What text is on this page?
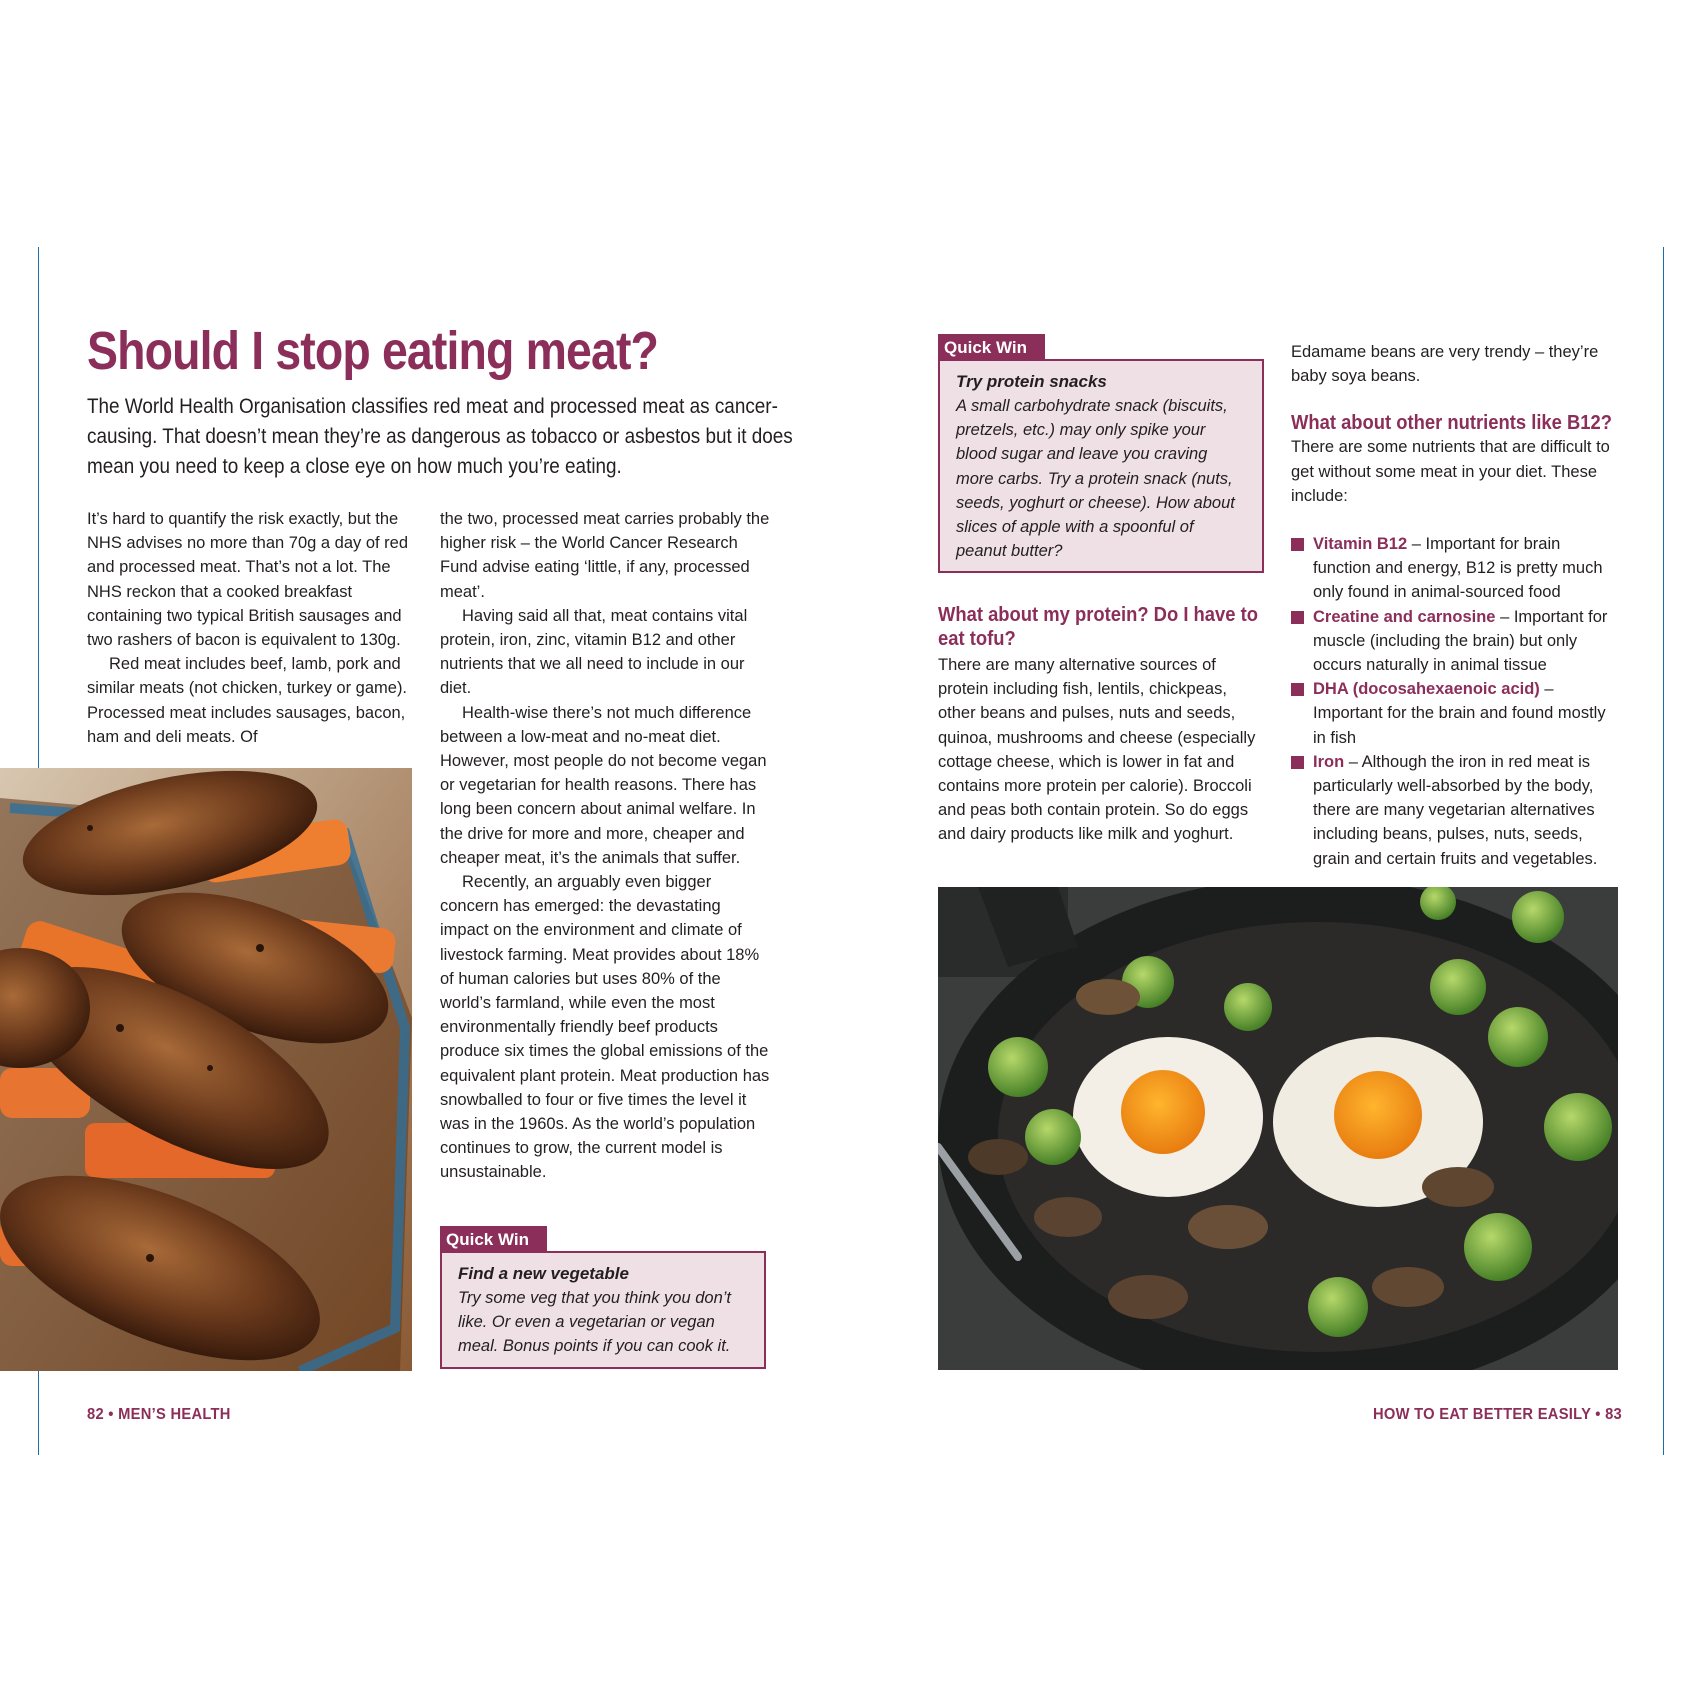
Should I stop eating meat?

The World Health Organisation classifies red meat and processed meat as cancer-causing. That doesn’t mean they’re as dangerous as tobacco or asbestos but it does mean you need to keep a close eye on how much you’re eating.

It’s hard to quantify the risk exactly, but the NHS advises no more than 70g a day of red and processed meat. That’s not a lot. The NHS reckon that a cooked breakfast containing two typical British sausages and two rashers of bacon is equivalent to 130g.

Red meat includes beef, lamb, pork and similar meats (not chicken, turkey or game). Processed meat includes sausages, bacon, ham and deli meats. Of

the two, processed meat carries probably the higher risk – the World Cancer Research Fund advise eating ‘little, if any, processed meat’.

Having said all that, meat contains vital protein, iron, zinc, vitamin B12 and other nutrients that we all need to include in our diet.

Health-wise there’s not much difference between a low-meat and no-meat diet. However, most people do not become vegan or vegetarian for health reasons. There has long been concern about animal welfare. In the drive for more and more, cheaper and cheaper meat, it’s the animals that suffer.

Recently, an arguably even bigger concern has emerged: the devastating impact on the environment and climate of livestock farming. Meat provides about 18% of human calories but uses 80% of the world’s farmland, while even the most environmentally friendly beef products produce six times the global emissions of the equivalent plant protein. Meat production has snowballed to four or five times the level it was in the 1960s. As the world’s population continues to grow, the current model is unsustainable.

Quick Win

Find a new vegetable

Try some veg that you think you don’t like. Or even a vegetarian or vegan meal. Bonus points if you can cook it.

82 • MEN’S HEALTH
Quick Win

Try protein snacks

A small carbohydrate snack (biscuits, pretzels, etc.) may only spike your blood sugar and leave you craving more carbs. Try a protein snack (nuts, seeds, yoghurt or cheese). How about slices of apple with a spoonful of peanut butter?

What about my protein? Do I have to eat tofu?

There are many alternative sources of protein including fish, lentils, chickpeas, other beans and pulses, nuts and seeds, quinoa, mushrooms and cheese (especially cottage cheese, which is lower in fat and contains more protein per calorie). Broccoli and peas both contain protein. So do eggs and dairy products like milk and yoghurt.

Edamame beans are very trendy – they’re baby soya beans.

What about other nutrients like B12?

There are some nutrients that are difficult to get without some meat in your diet. These include:

Vitamin B12 – Important for brain function and energy, B12 is pretty much only found in animal-sourced food
Creatine and carnosine – Important for muscle (including the brain) but only occurs naturally in animal tissue
DHA (docosahexaenoic acid) – Important for the brain and found mostly in fish
Iron – Although the iron in red meat is particularly well-absorbed by the body, there are many vegetarian alternatives including beans, pulses, nuts, seeds, grain and certain fruits and vegetables.
HOW TO EAT BETTER EASILY • 83
